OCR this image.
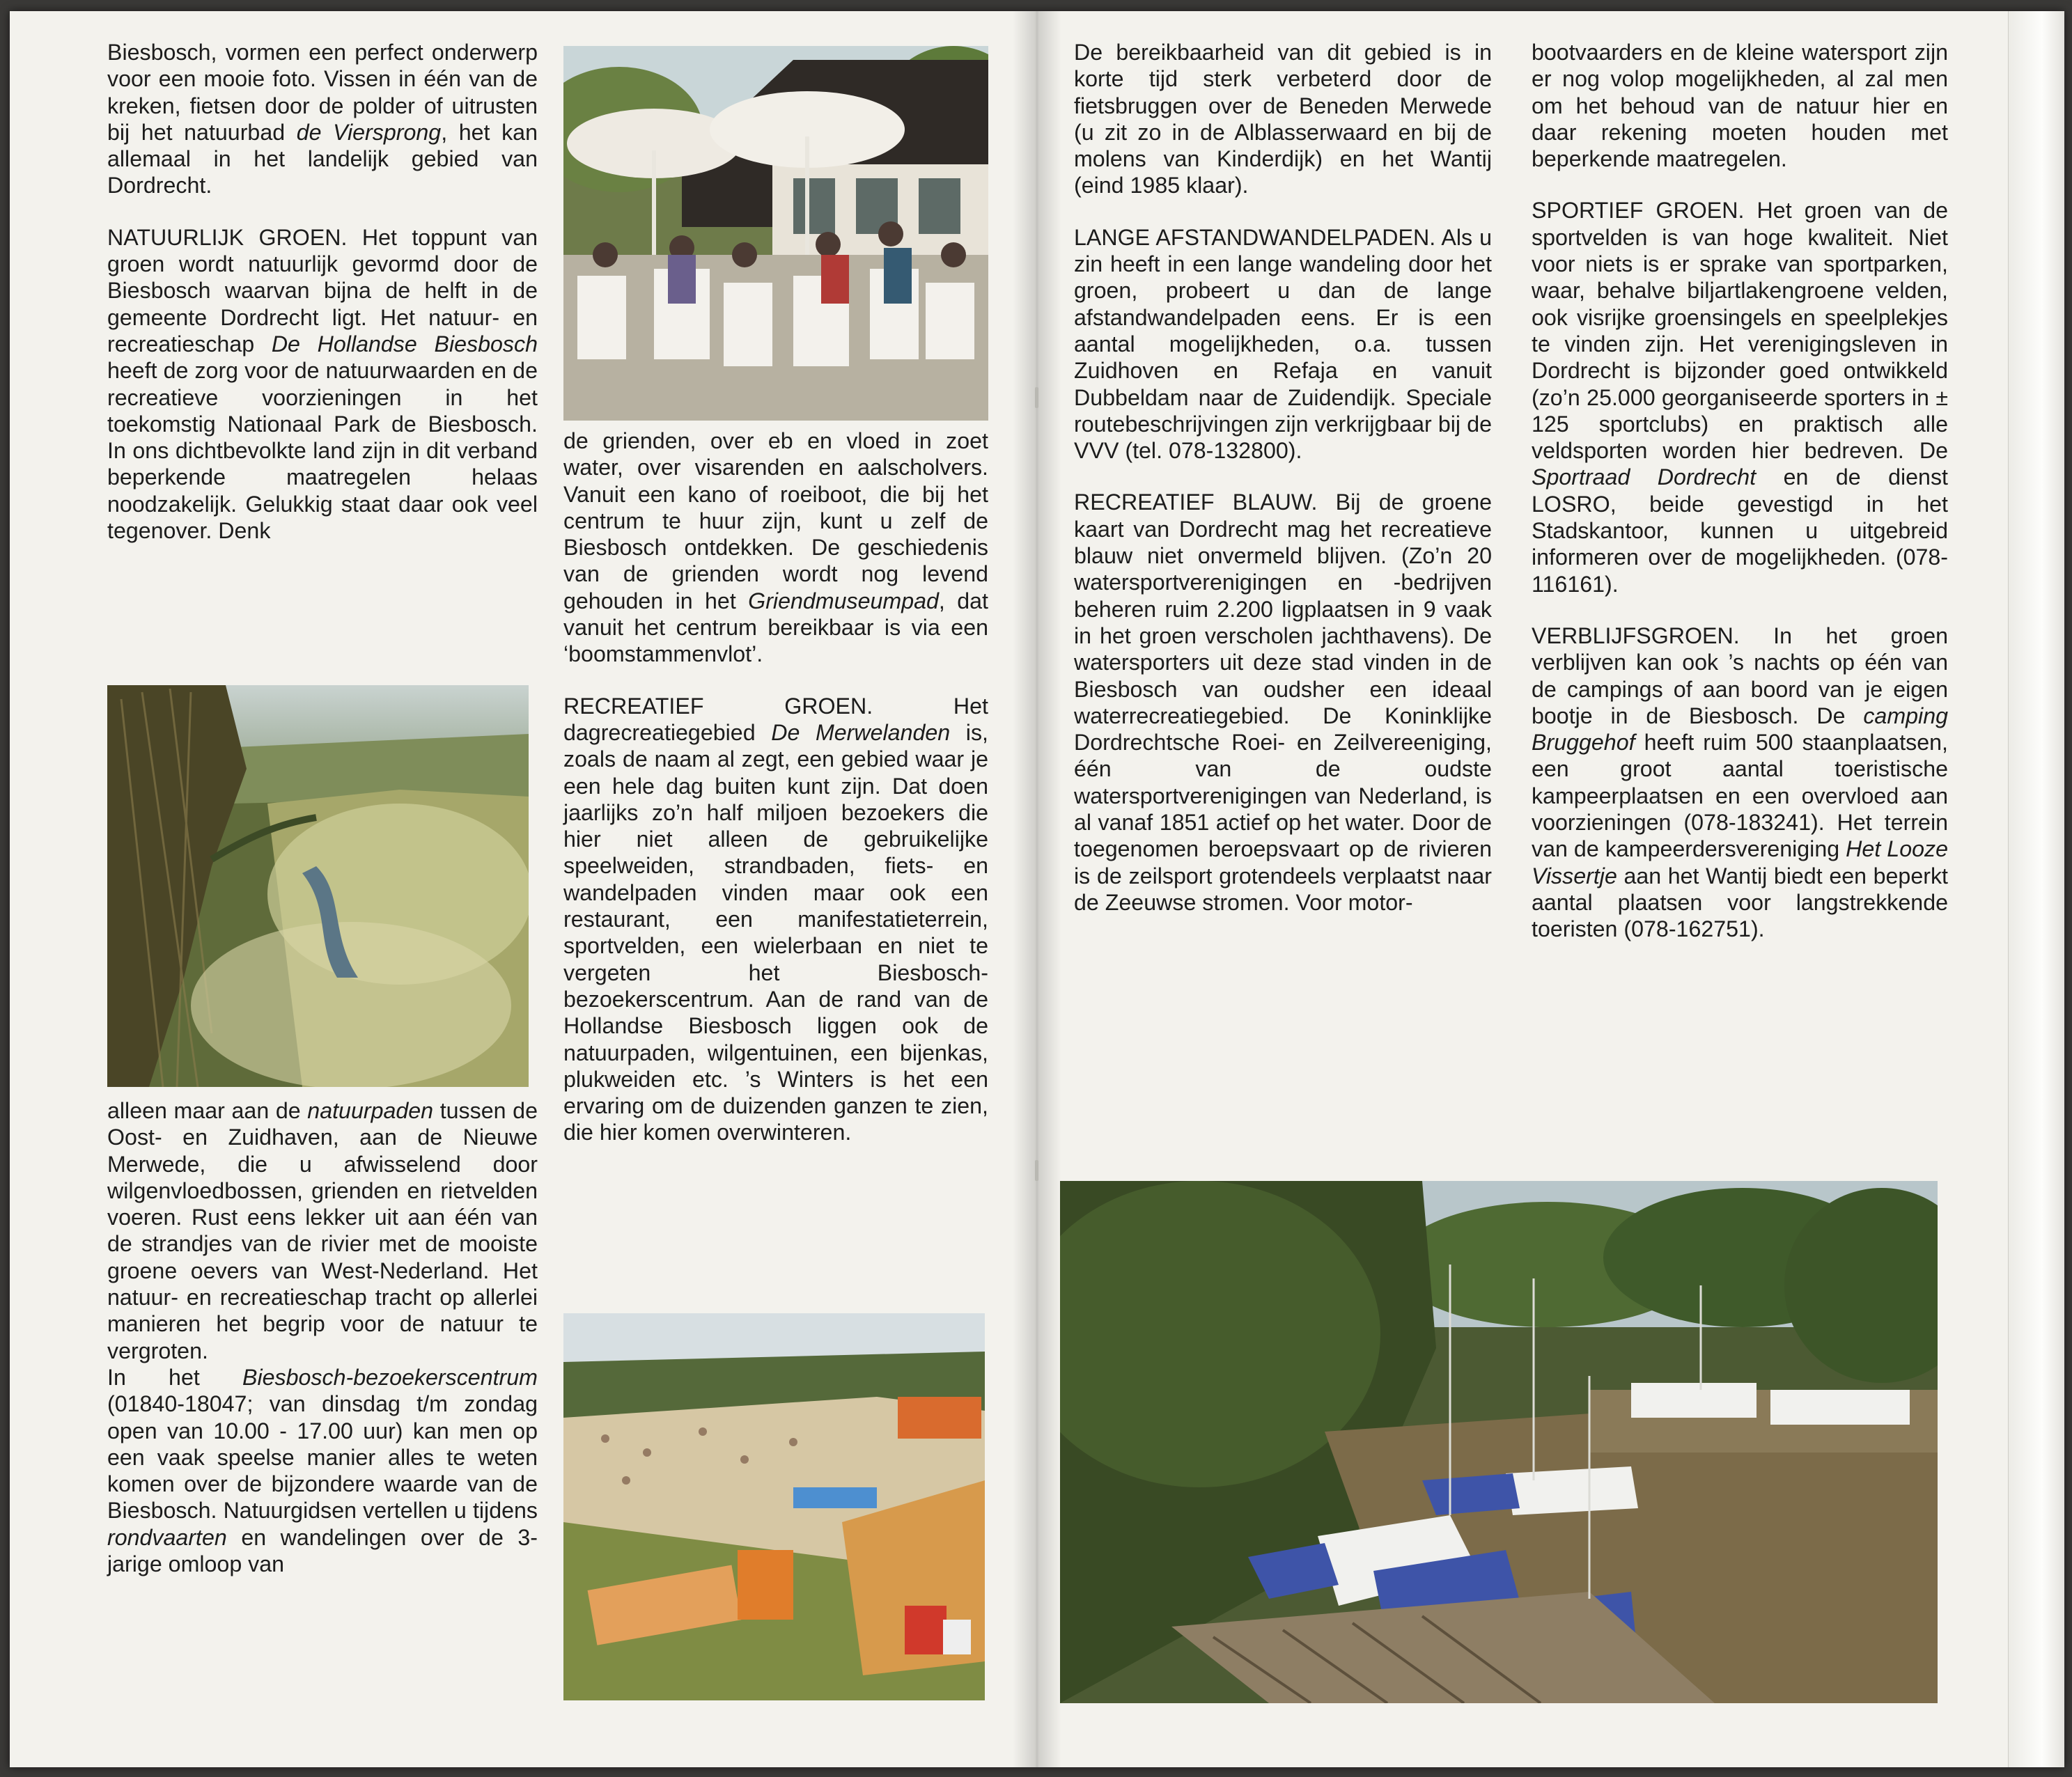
Biesbosch, vormen een perfect onderwerp voor een mooie foto. Vissen in één van de kreken, fietsen door de polder of uitrusten bij het natuurbad de Viersprong, het kan allemaal in het landelijk gebied van Dordrecht.

NATUURLIJK GROEN. Het toppunt van groen wordt natuurlijk gevormd door de Biesbosch waarvan bijna de helft in de gemeente Dordrecht ligt. Het natuur- en recreatieschap De Hollandse Biesbosch heeft de zorg voor de natuurwaarden en de recreatieve voorzieningen in het toekomstig Nationaal Park de Biesbosch. In ons dichtbevolkte land zijn in dit verband beperkende maatregelen helaas noodzakelijk. Gelukkig staat daar ook veel tegenover. Denk

alleen maar aan de natuurpaden tussen de Oost- en Zuidhaven, aan de Nieuwe Merwede, die u afwisselend door wilgenvloedbossen, grienden en rietvelden voeren. Rust eens lekker uit aan één van de strandjes van de rivier met de mooiste groene oevers van West-Nederland. Het natuur- en recreatieschap tracht op allerlei manieren het begrip voor de natuur te vergroten.

In het Biesbosch-bezoekerscentrum (01840-18047; van dinsdag t/m zondag open van 10.00 - 17.00 uur) kan men op een vaak speelse manier alles te weten komen over de bijzondere waarde van de Biesbosch. Natuurgidsen vertellen u tijdens rondvaarten en wandelingen over de 3-jarige omloop van

de grienden, over eb en vloed in zoet water, over visarenden en aalscholvers. Vanuit een kano of roeiboot, die bij het centrum te huur zijn, kunt u zelf de Biesbosch ontdekken. De geschiedenis van de grienden wordt nog levend gehouden in het Griendmuseumpad, dat vanuit het centrum bereikbaar is via een ‘boomstammenvlot’.

RECREATIEF GROEN. Het dagrecreatiegebied De Merwelanden is, zoals de naam al zegt, een gebied waar je een hele dag buiten kunt zijn. Dat doen jaarlijks zo’n half miljoen bezoekers die hier niet alleen de gebruikelijke speelweiden, strandbaden, fiets- en wandelpaden vinden maar ook een restaurant, een manifestatieterrein, sportvelden, een wielerbaan en niet te vergeten het Biesbosch-bezoekerscentrum. Aan de rand van de Hollandse Biesbosch liggen ook de natuurpaden, wilgentuinen, een bijenkas, plukweiden etc. ’s Winters is het een ervaring om de duizenden ganzen te zien, die hier komen overwinteren.

De bereikbaarheid van dit gebied is in korte tijd sterk verbeterd door de fietsbruggen over de Beneden Merwede (u zit zo in de Alblasserwaard en bij de molens van Kinderdijk) en het Wantij (eind 1985 klaar).

LANGE AFSTANDWANDELPADEN. Als u zin heeft in een lange wandeling door het groen, probeert u dan de lange afstandwandelpaden eens. Er is een aantal mogelijkheden, o.a. tussen Zuidhoven en Refaja en vanuit Dubbeldam naar de Zuidendijk. Speciale routebeschrijvingen zijn verkrijgbaar bij de VVV (tel. 078-132800).

RECREATIEF BLAUW. Bij de groene kaart van Dordrecht mag het recreatieve blauw niet onvermeld blijven. (Zo’n 20 watersportverenigingen en -bedrijven beheren ruim 2.200 ligplaatsen in 9 vaak in het groen verscholen jachthavens). De watersporters uit deze stad vinden in de Biesbosch van oudsher een ideaal waterrecreatiegebied. De Koninklijke Dordrechtsche Roei- en Zeilvereeniging, één van de oudste watersportverenigingen van Nederland, is al vanaf 1851 actief op het water. Door de toegenomen beroepsvaart op de rivieren is de zeilsport grotendeels verplaatst naar de Zeeuwse stromen. Voor motor-

bootvaarders en de kleine watersport zijn er nog volop mogelijkheden, al zal men om het behoud van de natuur hier en daar rekening moeten houden met beperkende maatregelen.

SPORTIEF GROEN. Het groen van de sportvelden is van hoge kwaliteit. Niet voor niets is er sprake van sportparken, waar, behalve biljartlakengroene velden, ook visrijke groensingels en speelplekjes te vinden zijn. Het verenigingsleven in Dordrecht is bijzonder goed ontwikkeld (zo’n 25.000 georganiseerde sporters in ± 125 sportclubs) en praktisch alle veldsporten worden hier bedreven. De Sportraad Dordrecht en de dienst LOSRO, beide gevestigd in het Stadskantoor, kunnen u uitgebreid informeren over de mogelijkheden. (078-116161).

VERBLIJFSGROEN. In het groen verblijven kan ook ’s nachts op één van de campings of aan boord van je eigen bootje in de Biesbosch. De camping Bruggehof heeft ruim 500 staanplaatsen, een groot aantal toeristische kampeerplaatsen en een overvloed aan voorzieningen (078-183241). Het terrein van de kampeerdersvereniging Het Looze Vissertje aan het Wantij biedt een beperkt aantal plaatsen voor langstrekkende toeristen (078-162751).
